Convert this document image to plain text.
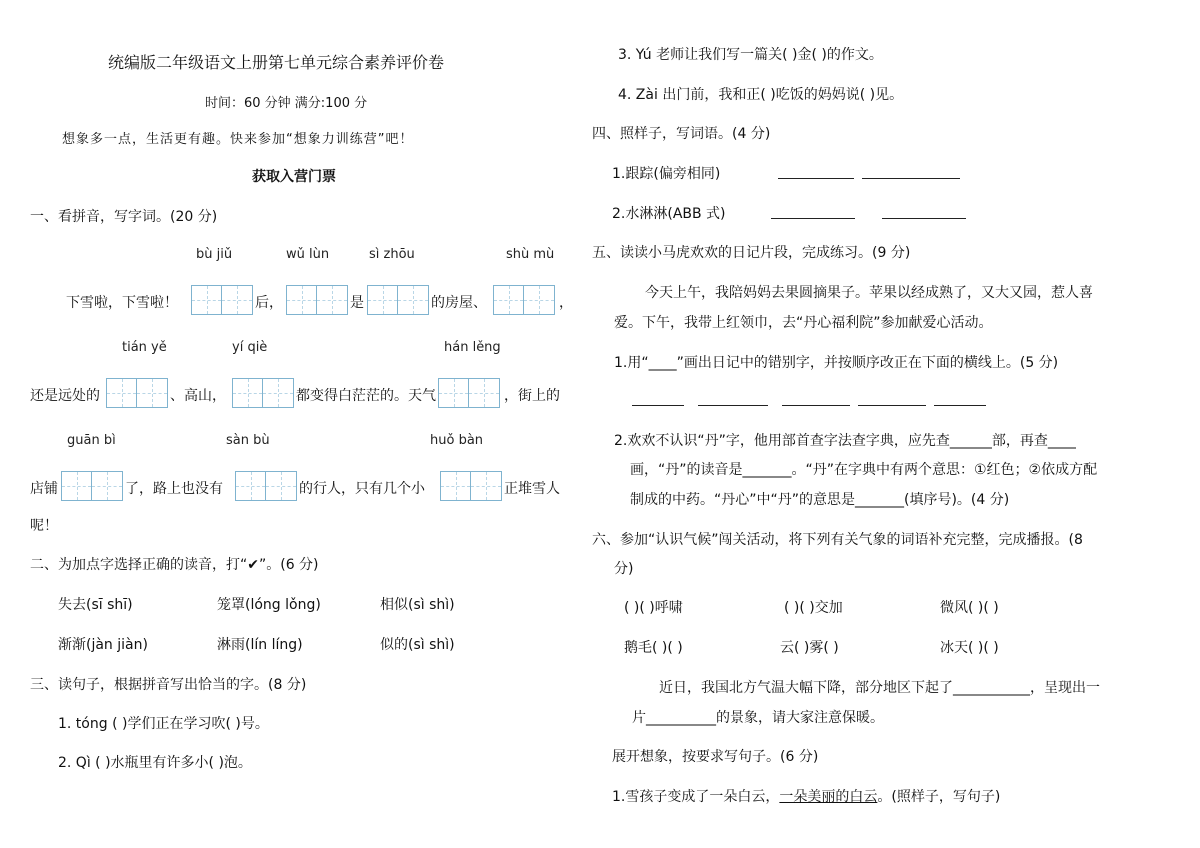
统编版二年级语文上册第七单元综合素养评价卷
时间：60 分钟 满分:100 分
想象多一点，生活更有趣。快来参加“想象力训练营”吧！
获取入营门票
一、看拼音，写字词。(20 分)
bù jiǔ	wǔ lùn	sì zhōu	shù mù
下雪啦，下雪啦！	后，	是	的房屋、	，
tián yě	yí qiè	hán lěng
还是远处的	、高山，	都变得白茫茫的。天气	，街上的
guān bì	sàn bù	huǒ bàn
店铺	了，路上也没有	的行人，只有几个小	正堆雪人
呢！
二、为加点字选择正确的读音，打“✔”。(6 分)
失去(sī shī)	笼罩(lóng lǒng)	相似(sì shì)
渐渐(jàn jiàn)	淋雨(lín líng)	似的(sì shì)
三、读句子，根据拼音写出恰当的字。(8 分)
1. tóng ( )学们正在学习吹( )号。
2. Qì ( )水瓶里有许多小( )泡。
3. Yú 老师让我们写一篇关( )金( )的作文。
4. Zài 出门前，我和正( )吃饭的妈妈说( )见。
四、照样子，写词语。(4 分)
1.跟踪(偏旁相同)
2.水淋淋(ABB 式)
五、读读小马虎欢欢的日记片段，完成练习。(9 分)
今天上午，我陪妈妈去果圆摘果子。苹果以经成熟了，又大又园，惹人喜
爱。下午，我带上红领巾，去“丹心福利院”参加献爱心活动。
1.用“____”画出日记中的错别字，并按顺序改正在下面的横线上。(5 分)
2.欢欢不认识“丹”字，他用部首查字法查字典，应先查______部，再查____
画，“丹”的读音是_______。“丹”在字典中有两个意思：①红色；②依成方配
制成的中药。“丹心”中“丹”的意思是_______(填序号)。(4 分)
六、参加“认识气候”闯关活动，将下列有关气象的词语补充完整，完成播报。(8
分)
( )( )呼啸	( )( )交加	微风( )( )
鹅毛( )( )	云( )雾( )	冰天( )( )
近日，我国北方气温大幅下降，部分地区下起了___________，呈现出一
片__________的景象，请大家注意保暖。
展开想象，按要求写句子。(6 分)
1.雪孩子变成了一朵白云，一朵美丽的白云。(照样子，写句子)
